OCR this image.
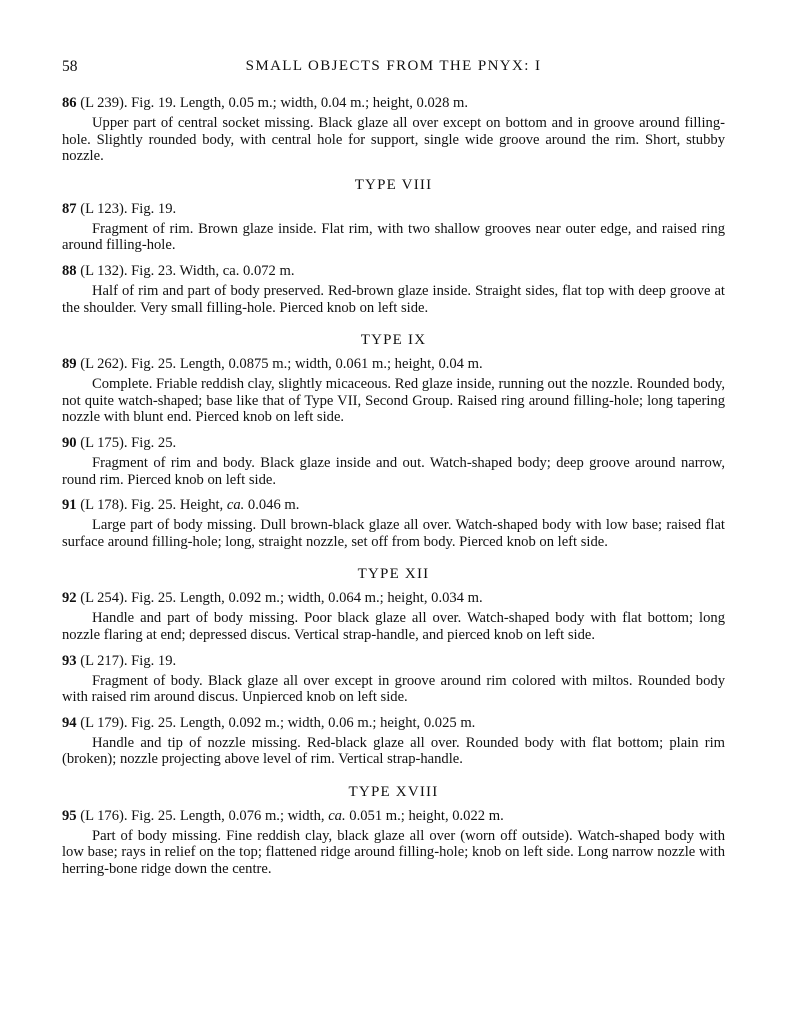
58	SMALL OBJECTS FROM THE PNYX: I
86 (L 239). Fig. 19. Length, 0.05 m.; width, 0.04 m.; height, 0.028 m.

Upper part of central socket missing. Black glaze all over except on bottom and in groove around filling-hole. Slightly rounded body, with central hole for support, single wide groove around the rim. Short, stubby nozzle.

TYPE VIII
87 (L 123). Fig. 19.

Fragment of rim. Brown glaze inside. Flat rim, with two shallow grooves near outer edge, and raised ring around filling-hole.

88 (L 132). Fig. 23. Width, ca. 0.072 m.

Half of rim and part of body preserved. Red-brown glaze inside. Straight sides, flat top with deep groove at the shoulder. Very small filling-hole. Pierced knob on left side.

TYPE IX
89 (L 262). Fig. 25. Length, 0.0875 m.; width, 0.061 m.; height, 0.04 m.

Complete. Friable reddish clay, slightly micaceous. Red glaze inside, running out the nozzle. Rounded body, not quite watch-shaped; base like that of Type VII, Second Group. Raised ring around filling-hole; long tapering nozzle with blunt end. Pierced knob on left side.

90 (L 175). Fig. 25.

Fragment of rim and body. Black glaze inside and out. Watch-shaped body; deep groove around narrow, round rim. Pierced knob on left side.

91 (L 178). Fig. 25. Height, ca. 0.046 m.

Large part of body missing. Dull brown-black glaze all over. Watch-shaped body with low base; raised flat surface around filling-hole; long, straight nozzle, set off from body. Pierced knob on left side.

TYPE XII
92 (L 254). Fig. 25. Length, 0.092 m.; width, 0.064 m.; height, 0.034 m.

Handle and part of body missing. Poor black glaze all over. Watch-shaped body with flat bottom; long nozzle flaring at end; depressed discus. Vertical strap-handle, and pierced knob on left side.

93 (L 217). Fig. 19.

Fragment of body. Black glaze all over except in groove around rim colored with miltos. Rounded body with raised rim around discus. Unpierced knob on left side.

94 (L 179). Fig. 25. Length, 0.092 m.; width, 0.06 m.; height, 0.025 m.

Handle and tip of nozzle missing. Red-black glaze all over. Rounded body with flat bottom; plain rim (broken); nozzle projecting above level of rim. Vertical strap-handle.

TYPE XVIII
95 (L 176). Fig. 25. Length, 0.076 m.; width, ca. 0.051 m.; height, 0.022 m.

Part of body missing. Fine reddish clay, black glaze all over (worn off outside). Watch-shaped body with low base; rays in relief on the top; flattened ridge around filling-hole; knob on left side. Long narrow nozzle with herring-bone ridge down the centre.
